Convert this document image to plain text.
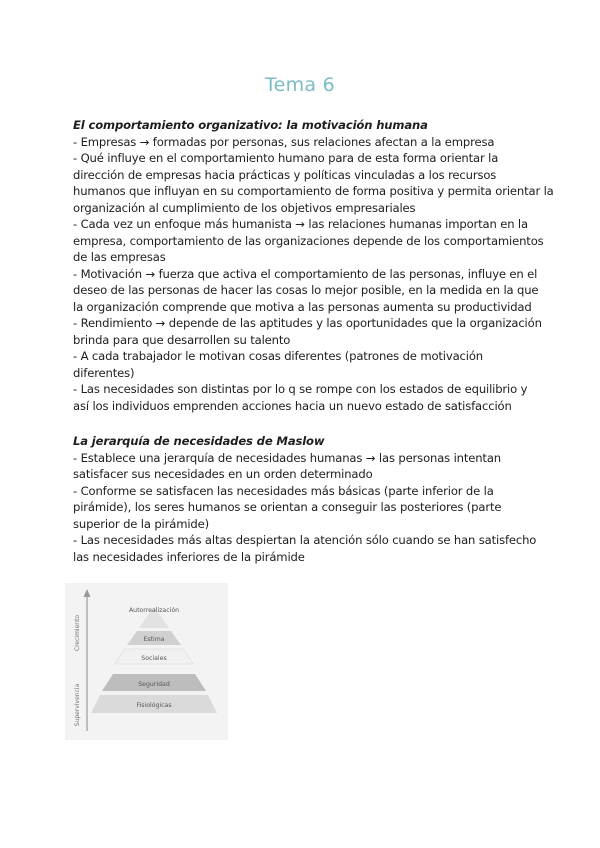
Tema 6
El comportamiento organizativo: la motivación humana
- Empresas → formadas por personas, sus relaciones afectan a la empresa
- Qué influye en el comportamiento humano para de esta forma orientar la
dirección de empresas hacia prácticas y políticas vinculadas a los recursos
humanos que influyan en su comportamiento de forma positiva y permita orientar la
organización al cumplimiento de los objetivos empresariales
- Cada vez un enfoque más humanista → las relaciones humanas importan en la
empresa, comportamiento de las organizaciones depende de los comportamientos
de las empresas
- Motivación → fuerza que activa el comportamiento de las personas, influye en el
deseo de las personas de hacer las cosas lo mejor posible, en la medida en la que
la organización comprende que motiva a las personas aumenta su productividad
- Rendimiento → depende de las aptitudes y las oportunidades que la organización
brinda para que desarrollen su talento
- A cada trabajador le motivan cosas diferentes (patrones de motivación
diferentes)
- Las necesidades son distintas por lo q se rompe con los estados de equilibrio y
así los individuos emprenden acciones hacia un nuevo estado de satisfacción
La jerarquía de necesidades de Maslow
- Establece una jerarquía de necesidades humanas → las personas intentan
satisfacer sus necesidades en un orden determinado
- Conforme se satisfacen las necesidades más básicas (parte inferior de la
pirámide), los seres humanos se orientan a conseguir las posteriores (parte
superior de la pirámide)
- Las necesidades más altas despiertan la atención sólo cuando se han satisfecho
las necesidades inferiores de la pirámide
Crecimiento
Supervivencia
Autorrealización
Estima
Sociales
Seguridad
Fisiológicas
